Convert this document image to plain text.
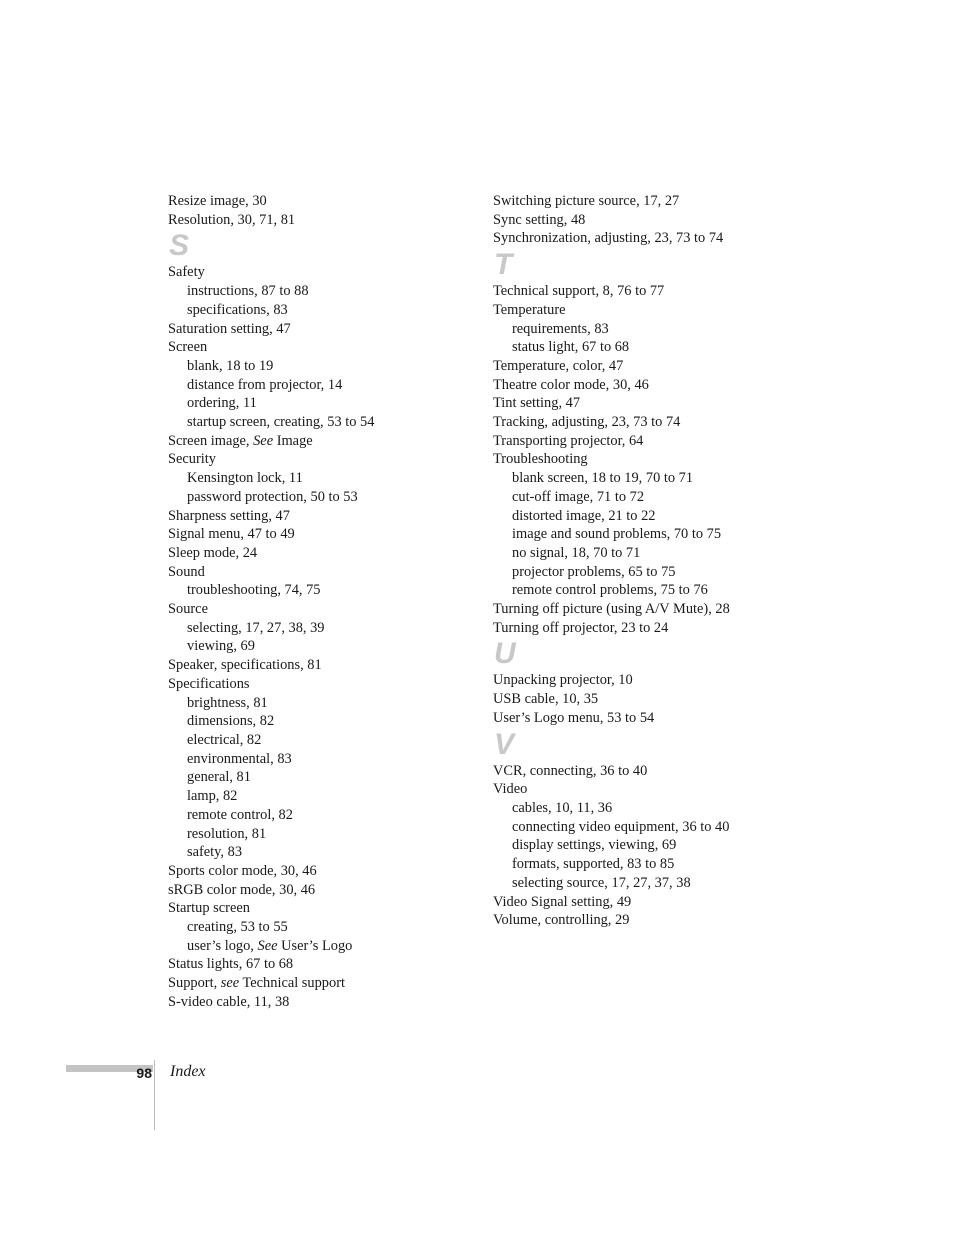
Resize image, 30
Resolution, 30, 71, 81
S
Safety
instructions, 87 to 88
specifications, 83
Saturation setting, 47
Screen
blank, 18 to 19
distance from projector, 14
ordering, 11
startup screen, creating, 53 to 54
Screen image, See Image
Security
Kensington lock, 11
password protection, 50 to 53
Sharpness setting, 47
Signal menu, 47 to 49
Sleep mode, 24
Sound
troubleshooting, 74, 75
Source
selecting, 17, 27, 38, 39
viewing, 69
Speaker, specifications, 81
Specifications
brightness, 81
dimensions, 82
electrical, 82
environmental, 83
general, 81
lamp, 82
remote control, 82
resolution, 81
safety, 83
Sports color mode, 30, 46
sRGB color mode, 30, 46
Startup screen
creating, 53 to 55
user’s logo, See User’s Logo
Status lights, 67 to 68
Support, see Technical support
S-video cable, 11, 38
Switching picture source, 17, 27
Sync setting, 48
Synchronization, adjusting, 23, 73 to 74
T
Technical support, 8, 76 to 77
Temperature
requirements, 83
status light, 67 to 68
Temperature, color, 47
Theatre color mode, 30, 46
Tint setting, 47
Tracking, adjusting, 23, 73 to 74
Transporting projector, 64
Troubleshooting
blank screen, 18 to 19, 70 to 71
cut-off image, 71 to 72
distorted image, 21 to 22
image and sound problems, 70 to 75
no signal, 18, 70 to 71
projector problems, 65 to 75
remote control problems, 75 to 76
Turning off picture (using A/V Mute), 28
Turning off projector, 23 to 24
U
Unpacking projector, 10
USB cable, 10, 35
User’s Logo menu, 53 to 54
V
VCR, connecting, 36 to 40
Video
cables, 10, 11, 36
connecting video equipment, 36 to 40
display settings, viewing, 69
formats, supported, 83 to 85
selecting source, 17, 27, 37, 38
Video Signal setting, 49
Volume, controlling, 29
98 Index
